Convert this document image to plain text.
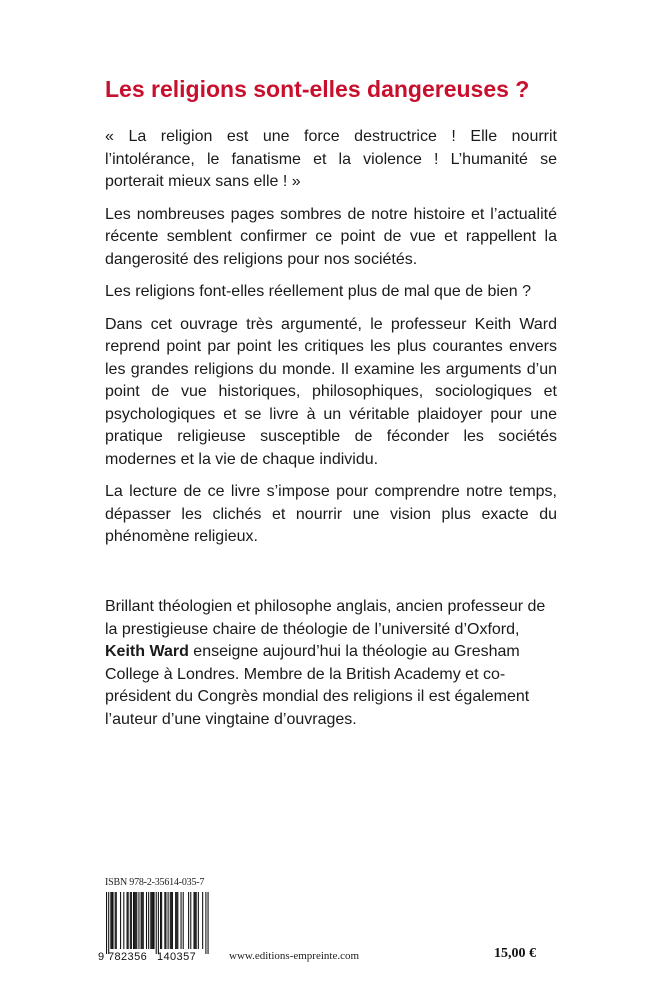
Les religions sont-elles dangereuses ?

« La religion est une force destructrice ! Elle nourrit l’intolérance, le fanatisme et la violence ! L’humanité se porterait mieux sans elle ! »

Les nombreuses pages sombres de notre histoire et l’actualité récente semblent confirmer ce point de vue et rappellent la dangerosité des religions pour nos sociétés.

Les religions font-elles réellement plus de mal que de bien ?

Dans cet ouvrage très argumenté, le professeur Keith Ward reprend point par point les critiques les plus courantes envers les grandes religions du monde. Il examine les arguments d’un point de vue historiques, philosophiques, sociologiques et psychologiques et se livre à un véritable plaidoyer pour une pratique religieuse susceptible de féconder les sociétés modernes et la vie de chaque individu.

La lecture de ce livre s’impose pour comprendre notre temps, dépasser les clichés et nourrir une vision plus exacte du phénomène religieux.

Brillant théologien et philosophe anglais, ancien professeur de la prestigieuse chaire de théologie de l’université d’Oxford, Keith Ward enseigne aujourd’hui la théologie au Gresham College à Londres. Membre de la British Academy et co-président du Congrès mondial des religions il est également l’auteur d’une vingtaine d’ouvrages.

ISBN 978-2-35614-035-7
9 782356 140357	www.editions-empreinte.com	15,00 €
